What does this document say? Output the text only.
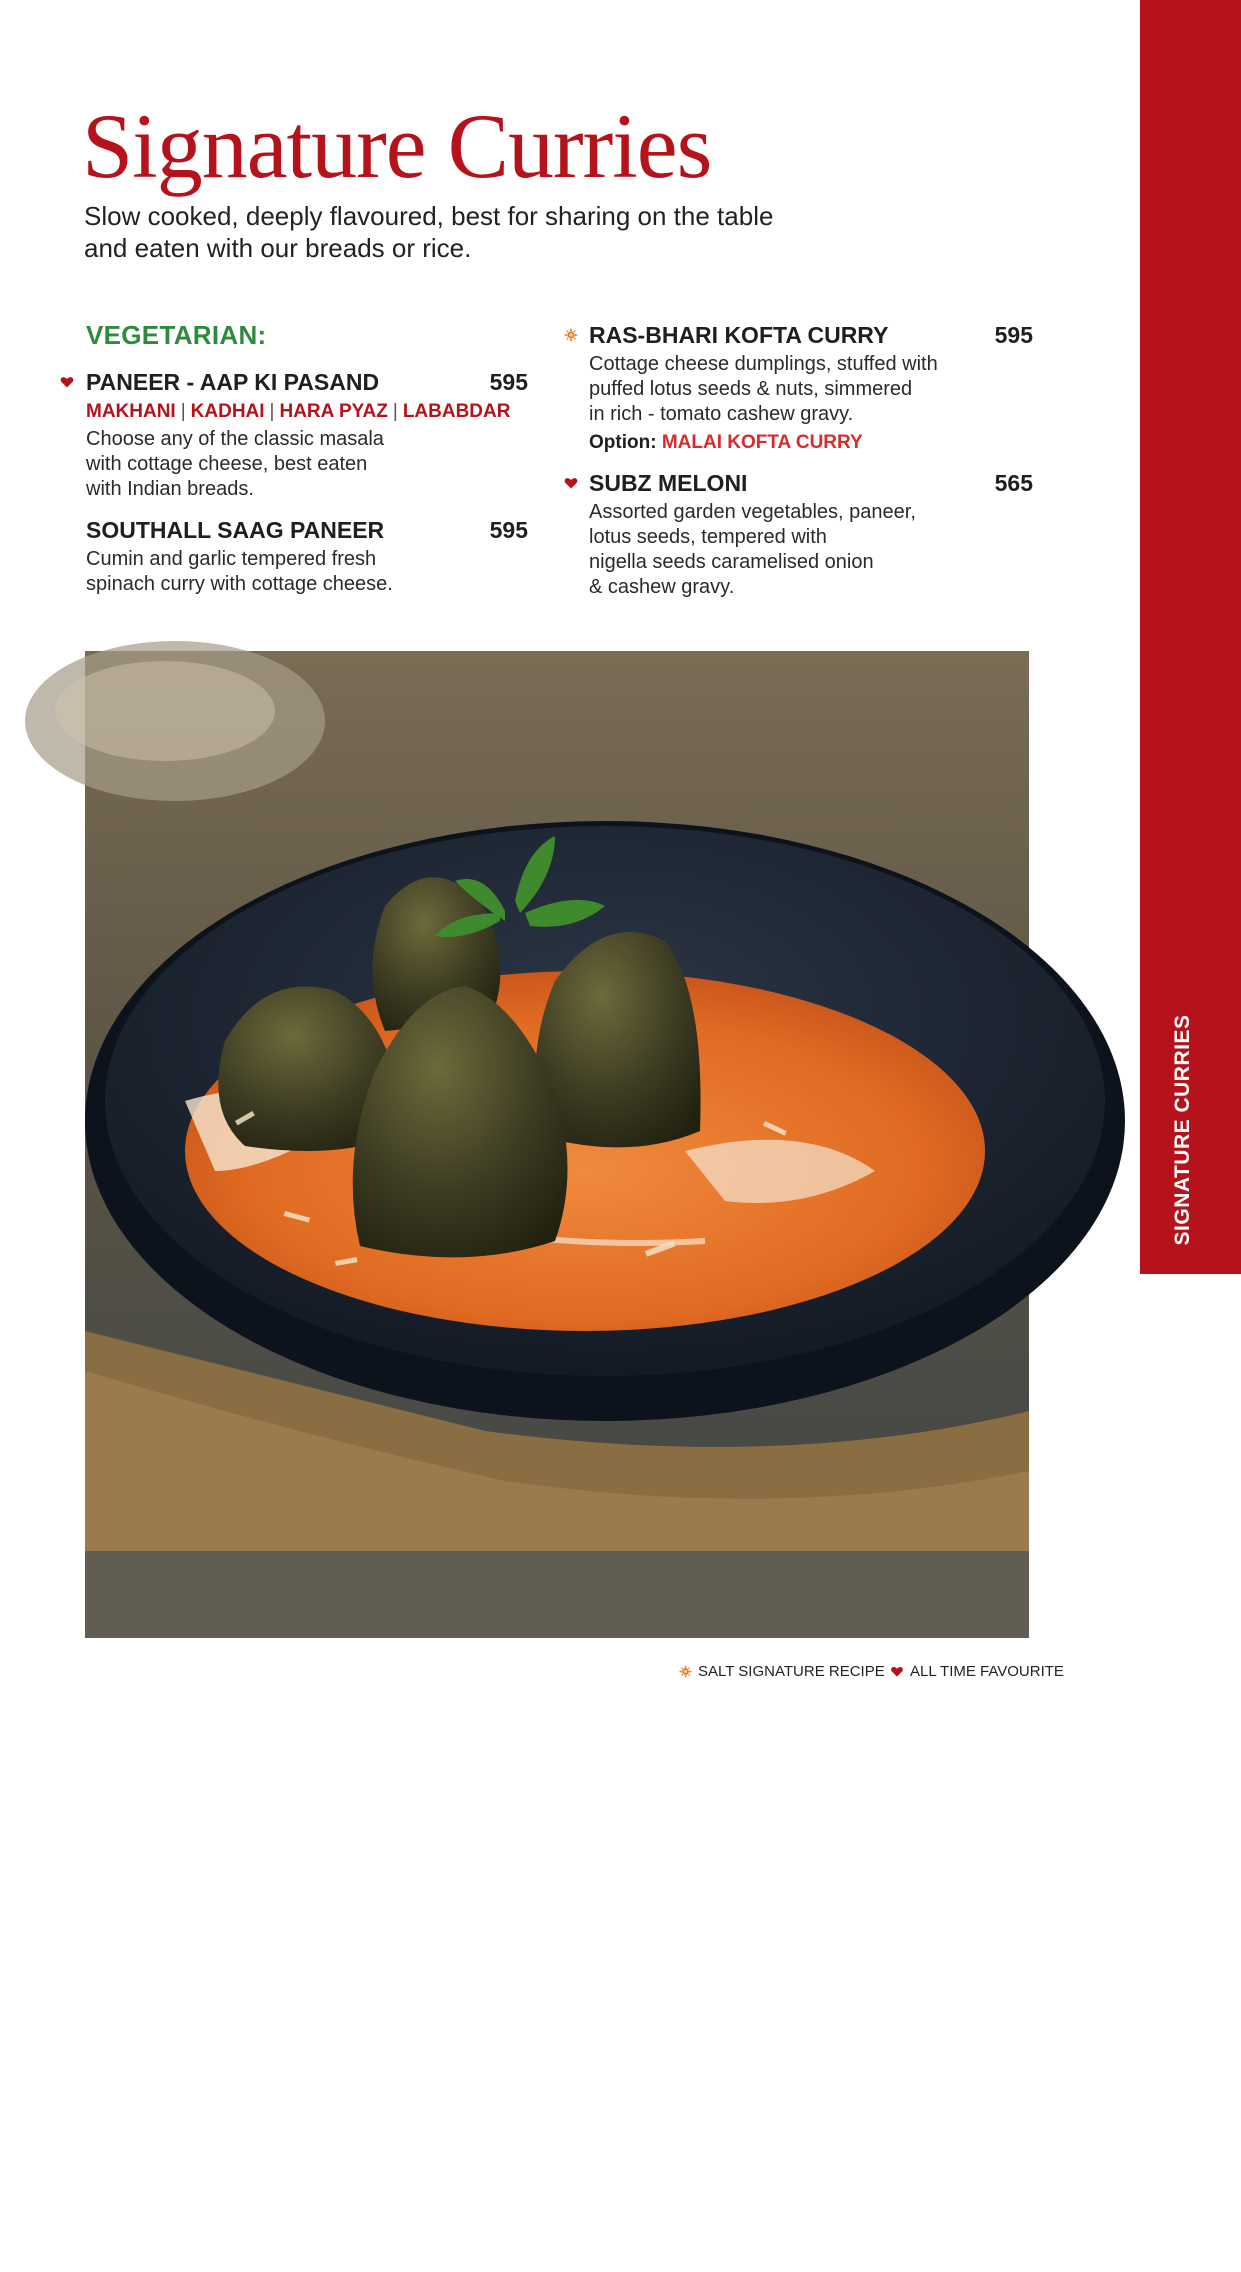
SIGNATURE CURRIES
Signature Curries
Slow cooked, deeply flavoured, best for sharing on the table
and eaten with our breads or rice.
VEGETARIAN:
PANEER - AAP KI PASAND	595
MAKHANI | KADHAI | HARA PYAZ | LABABDAR
Choose any of the classic masala
with cottage cheese, best eaten
with Indian breads.
SOUTHALL SAAG PANEER	595
Cumin and garlic tempered fresh
spinach curry with cottage cheese.
RAS-BHARI KOFTA CURRY	595
Cottage cheese dumplings, stuffed with
puffed lotus seeds & nuts, simmered
in rich - tomato cashew gravy.
Option: MALAI KOFTA CURRY
SUBZ MELONI	565
Assorted garden vegetables, paneer,
lotus seeds, tempered with
nigella seeds caramelised onion
& cashew gravy.
11
SALT SIGNATURE RECIPE	ALL TIME FAVOURITE
